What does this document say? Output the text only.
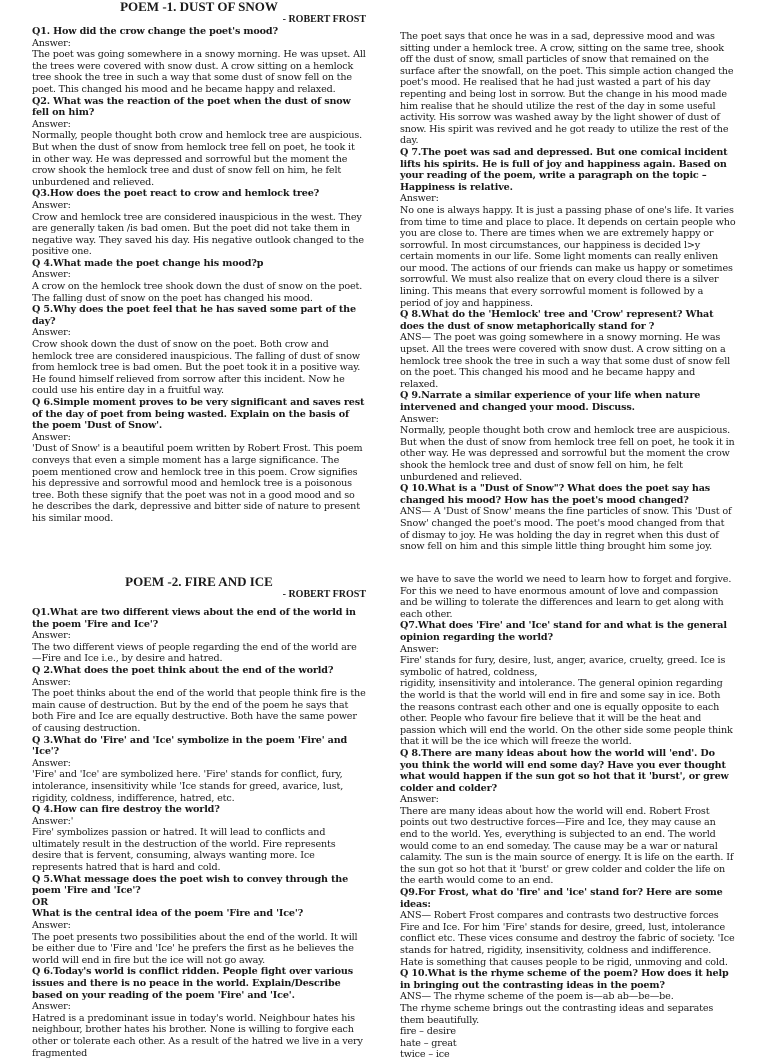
POEM -1. DUST OF SNOW

- ROBERT FROST

Q1. How did the crow change the poet's mood?

Answer:

The poet was going somewhere in a snowy morning. He was upset. All the trees were covered with snow dust. A crow sitting on a hemlock tree shook the tree in such a way that some dust of snow fell on the poet. This changed his mood and he became happy and relaxed.

Q2. What was the reaction of the poet when the dust of snow fell on him?

Answer:

Normally, people thought both crow and hemlock tree are auspicious. But when the dust of snow from hemlock tree fell on poet, he took it in other way. He was depressed and sorrowful but the moment the crow shook the hemlock tree and dust of snow fell on him, he felt unburdened and relieved.

Q3.How does the poet react to crow and hemlock tree?

Answer:

Crow and hemlock tree are considered inauspicious in the west. They are generally taken /is bad omen. But the poet did not take them in negative way. They saved his day. His negative outlook changed to the positive one.

Q 4.What made the poet change his mood?p

Answer:

A crow on the hemlock tree shook down the dust of snow on the poet. The falling dust of snow on the poet has changed his mood.

Q 5.Why does the poet feel that he has saved some part of the day?

Answer:

Crow shook down the dust of snow on the poet. Both crow and hemlock tree are considered inauspicious. The falling of dust of snow from hemlock tree is bad omen. But the poet took it in a positive way. He found himself relieved from sorrow after this incident. Now he could use his entire day in a fruitful way.

Q 6.Simple moment proves to be very significant and saves rest of the day of poet from being wasted. Explain on the basis of the poem 'Dust of Snow'.

Answer:

'Dust of Snow' is a beautiful poem written by Robert Frost. This poem conveys that even a simple moment has a large significance. The poem mentioned crow and hemlock tree in this poem. Crow signifies his depressive and sorrowful mood and hemlock tree is a poisonous tree. Both these signify that the poet was not in a good mood and so he describes the dark, depressive and bitter side of nature to present his similar mood.

The poet says that once he was in a sad, depressive mood and was sitting under a hemlock tree. A crow, sitting on the same tree, shook off the dust of snow, small particles of snow that remained on the surface after the snowfall, on the poet. This simple action changed the poet's mood. He realised that he had just wasted a part of his day repenting and being lost in sorrow. But the change in his mood made him realise that he should utilize the rest of the day in some useful activity. His sorrow was washed away by the light shower of dust of snow. His spirit was revived and he got ready to utilize the rest of the day.

Q 7.The poet was sad and depressed. But one comical incident lifts his spirits. He is full of joy and happiness again. Based on your reading of the poem, write a paragraph on the topic – Happiness is relative.

Answer:

No one is always happy. It is just a passing phase of one's life. It varies from time to time and place to place. It depends on certain people who you are close to. There are times when we are extremely happy or sorrowful. In most circumstances, our happiness is decided l>y certain moments in our life. Some light moments can really enliven our mood. The actions of our friends can make us happy or sometimes sorrowful. We must also realize that on every cloud there is a silver lining. This means that every sorrowful moment is followed by a period of joy and happiness.

Q 8.What do the 'Hemlock' tree and 'Crow' represent? What does the dust of snow metaphorically stand for ?

ANS— The poet was going somewhere in a snowy morning. He was upset. All the trees were covered with snow dust. A crow sitting on a hemlock tree shook the tree in such a way that some dust of snow fell on the poet. This changed his mood and he became happy and relaxed.

Q 9.Narrate a similar experience of your life when nature intervened and changed your mood. Discuss.

Answer:

Normally, people thought both crow and hemlock tree are auspicious. But when the dust of snow from hemlock tree fell on poet, he took it in other way. He was depressed and sorrowful but the moment the crow shook the hemlock tree and dust of snow fell on him, he felt unburdened and relieved.

Q 10.What is a "Dust of Snow"? What does the poet say has changed his mood? How has the poet's mood changed?

ANS— A 'Dust of Snow' means the fine particles of snow. This 'Dust of Snow' changed the poet's mood. The poet's mood changed from that of dismay to joy. He was holding the day in regret when this dust of snow fell on him and this simple little thing brought him some joy.

POEM -2. FIRE AND ICE

- ROBERT FROST

Q1.What are two different views about the end of the world in the poem 'Fire and Ice'?

Answer:

The two different views of people regarding the end of the world are—Fire and Ice i.e., by desire and hatred.

Q 2.What does the poet think about the end of the world?

Answer:

The poet thinks about the end of the world that people think fire is the main cause of destruction. But by the end of the poem he says that both Fire and Ice are equally destructive. Both have the same power of causing destruction.

Q 3.What do 'Fire' and 'Ice' symbolize in the poem 'Fire' and 'Ice'?

Answer:

'Fire' and 'Ice' are symbolized here. 'Fire' stands for conflict, fury, intolerance, insensitivity while 'Ice stands for greed, avarice, lust, rigidity, coldness, indifference, hatred, etc.

Q 4.How can fire destroy the world?

Answer:'

Fire' symbolizes passion or hatred. It will lead to conflicts and ultimately result in the destruction of the world. Fire represents desire that is fervent, consuming, always wanting more. Ice represents hatred that is hard and cold.

Q 5.What message does the poet wish to convey through the poem 'Fire and 'Ice'?

OR

What is the central idea of the poem 'Fire and 'Ice'?

Answer:

The poet presents two possibilities about the end of the world. It will be either due to 'Fire and 'Ice' he prefers the first as he believes the world will end in fire but the ice will not go away.

Q 6.Today's world is conflict ridden. People fight over various issues and there is no peace in the world. Explain/Describe based on your reading of the poem 'Fire' and 'Ice'.

Answer:

Hatred is a predominant issue in today's world. Neighbour hates his neighbour, brother hates his brother. None is willing to forgive each other or tolerate each other. As a result of the hatred we live in a very fragmented

we have to save the world we need to learn how to forget and forgive. For this we need to have enormous amount of love and compassion and be willing to tolerate the differences and learn to get along with each other.

Q7.What does 'Fire' and 'Ice' stand for and what is the general opinion regarding the world?

Answer:

Fire' stands for fury, desire, lust, anger, avarice, cruelty, greed. Ice is symbolic of hatred, coldness,

rigidity, insensitivity and intolerance. The general opinion regarding the world is that the world will end in fire and some say in ice. Both the reasons contrast each other and one is equally opposite to each other. People who favour fire believe that it will be the heat and passion which will end the world. On the other side some people think that it will be the ice which will freeze the world.

Q 8.There are many ideas about how the world will 'end'. Do you think the world will end some day? Have you ever thought what would happen if the sun got so hot that it 'burst', or grew colder and colder?

Answer:

There are many ideas about how the world will end. Robert Frost points out two destructive forces—Fire and Ice, they may cause an end to the world. Yes, everything is subjected to an end. The world would come to an end someday. The cause may be a war or natural calamity. The sun is the main source of energy. It is life on the earth. If the sun got so hot that it 'burst' or grew colder and colder the life on the earth would come to an end.

Q9.For Frost, what do 'fire' and 'ice' stand for? Here are some ideas:

ANS— Robert Frost compares and contrasts two destructive forces Fire and Ice. For him 'Fire' stands for desire, greed, lust, intolerance conflict etc. These vices consume and destroy the fabric of society. 'Ice stands for hatred, rigidity, insensitivity, coldness and indifference. Hate is something that causes people to be rigid, unmoving and cold.

Q 10.What is the rhyme scheme of the poem? How does it help in bringing out the contrasting ideas in the poem?

ANS— The rhyme scheme of the poem is—ab ab—be—be.

The rhyme scheme brings out the contrasting ideas and separates them beautifully.

fire – desire

hate – great

twice – ice
